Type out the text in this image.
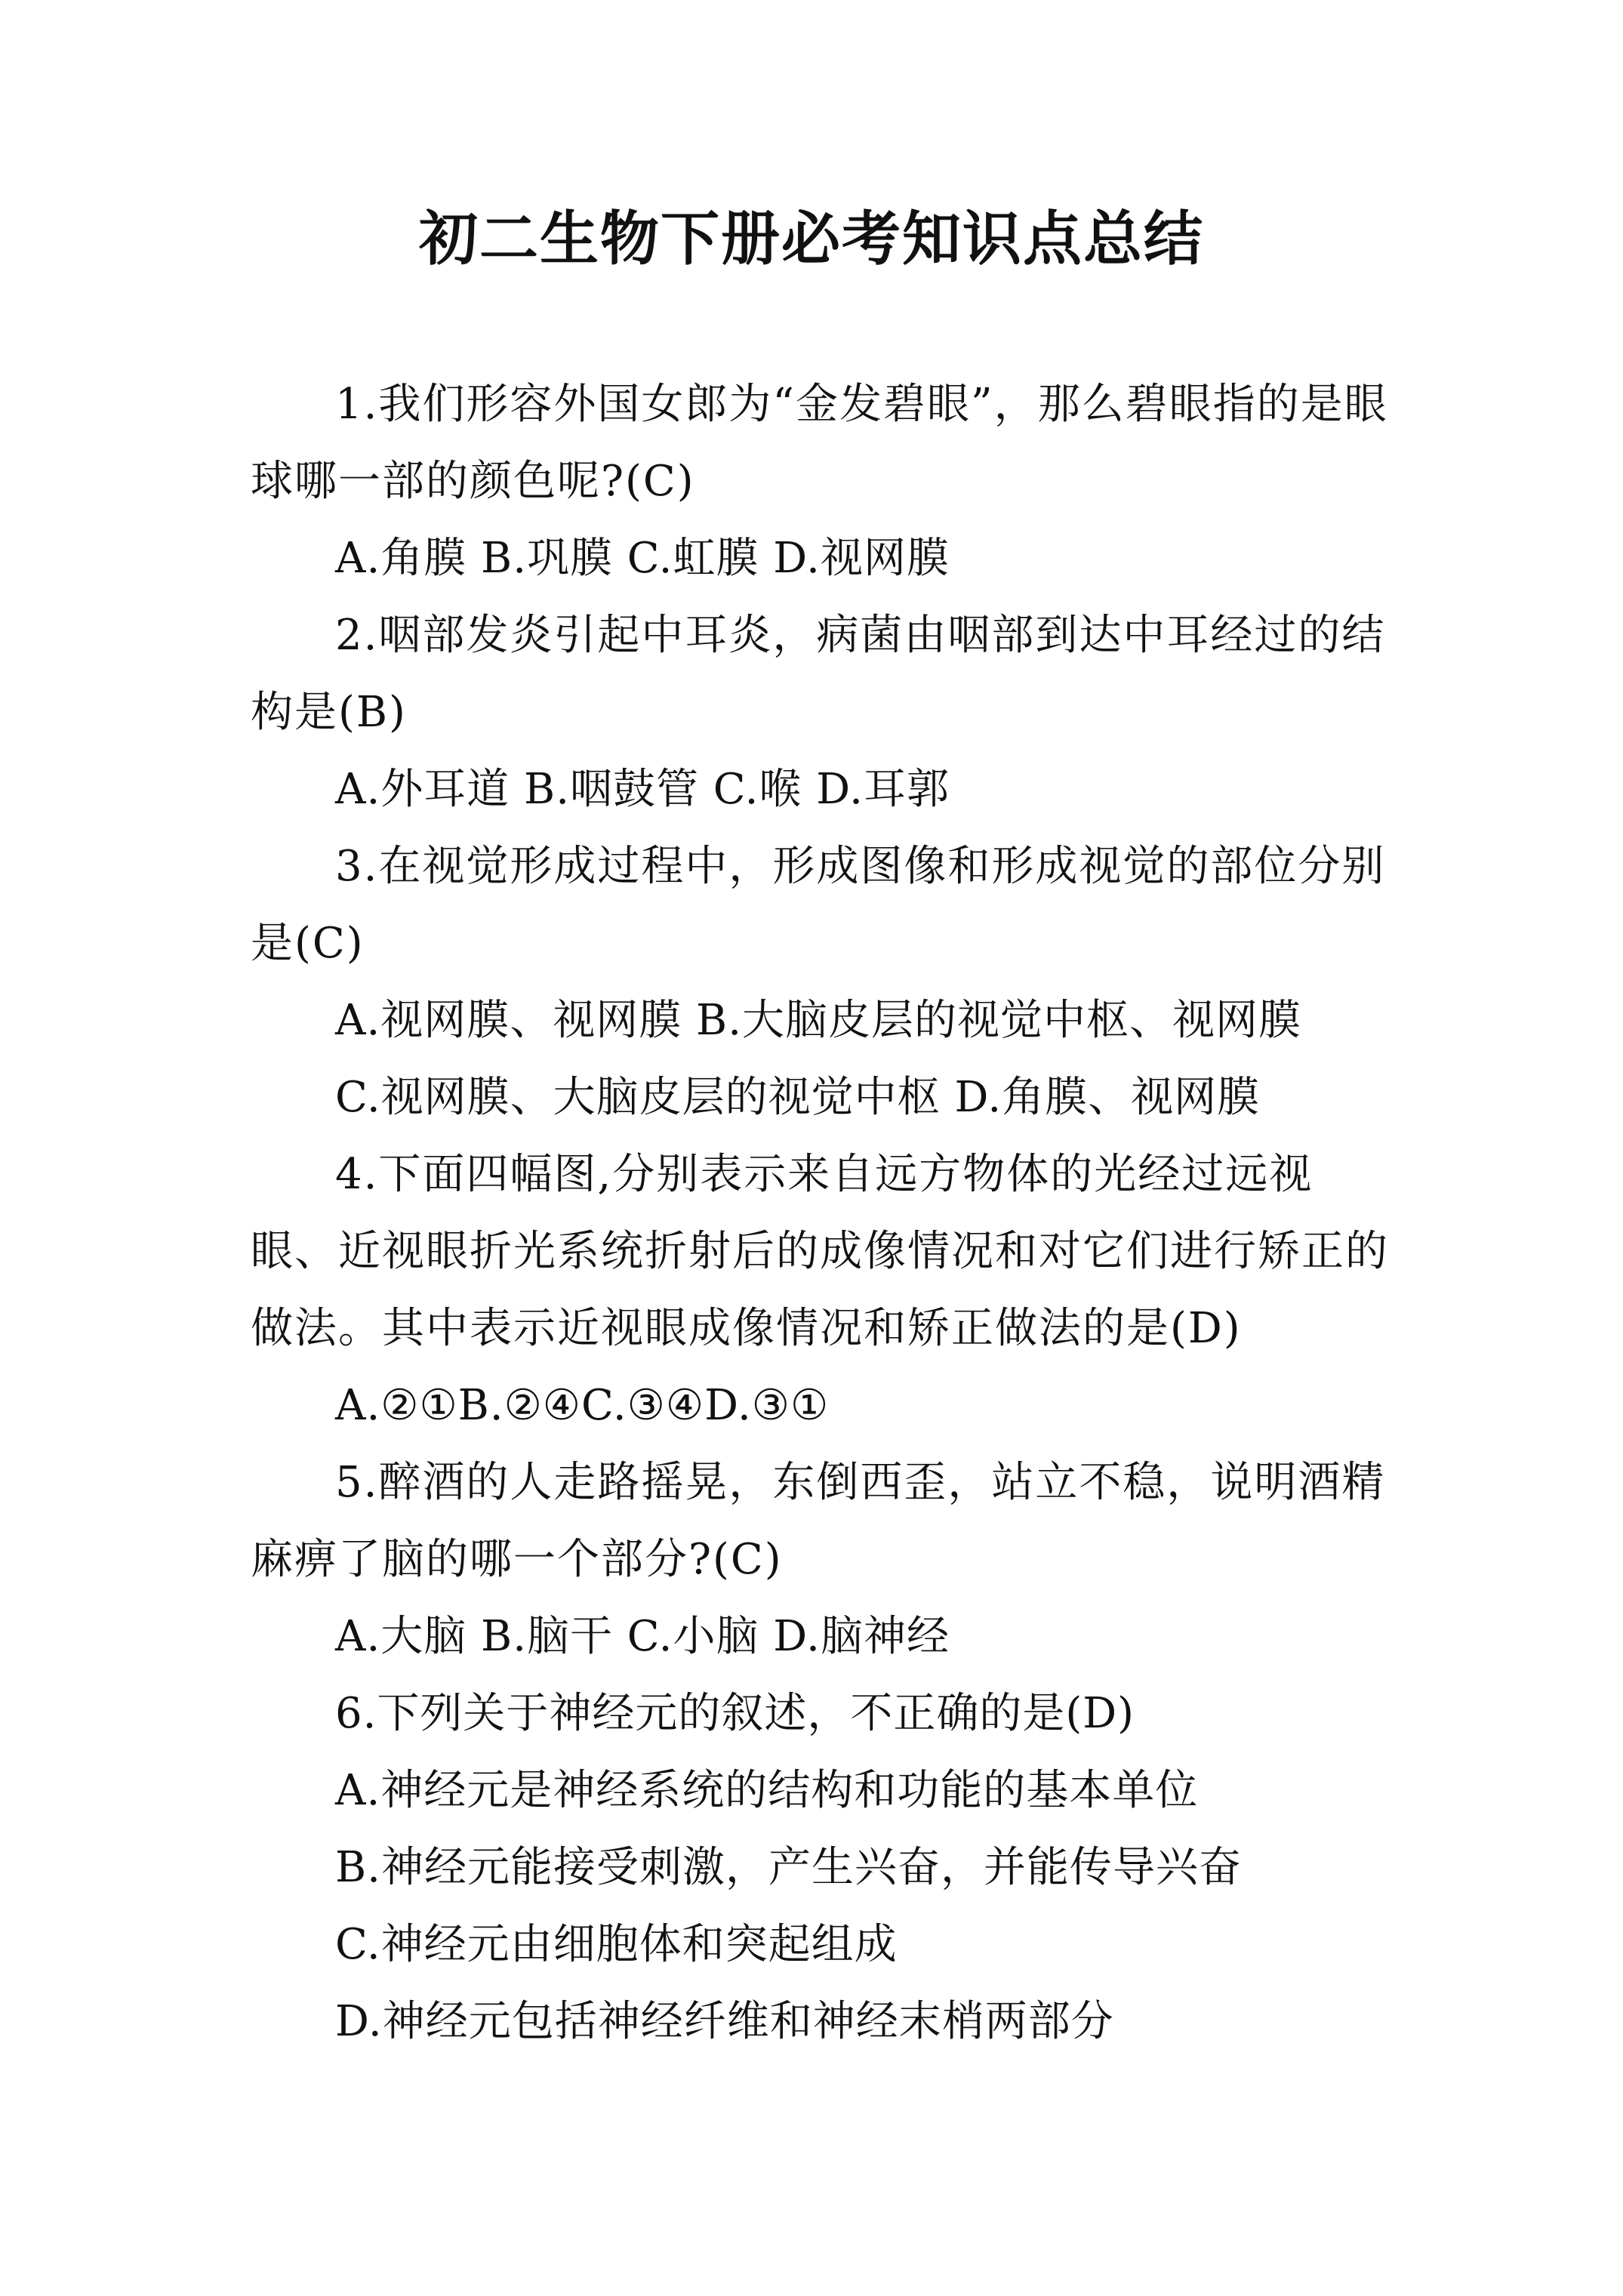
初二生物下册必考知识点总结

1.我们形容外国女郎为“金发碧眼”，那么碧眼指的是眼球哪一部的颜色呢?(C)

A.角膜 B.巩膜 C.虹膜 D.视网膜

2.咽部发炎引起中耳炎，病菌由咽部到达中耳经过的结构是(B)

A.外耳道 B.咽鼓管 C.喉 D.耳郭

3.在视觉形成过程中，形成图像和形成视觉的部位分别是(C)

A.视网膜、视网膜 B.大脑皮层的视觉中枢、视网膜

C.视网膜、大脑皮层的视觉中枢 D.角膜、视网膜

4.下面四幅图,分别表示来自远方物体的光经过远视眼、近视眼折光系统折射后的成像情况和对它们进行矫正的做法。其中表示近视眼成像情况和矫正做法的是(D)

A.②①B.②④C.③④D.③①

5.醉酒的人走路摇晃，东倒西歪，站立不稳，说明酒精麻痹了脑的哪一个部分?(C)

A.大脑 B.脑干 C.小脑 D.脑神经

6.下列关于神经元的叙述，不正确的是(D)

A.神经元是神经系统的结构和功能的基本单位

B.神经元能接受刺激，产生兴奋，并能传导兴奋

C.神经元由细胞体和突起组成

D.神经元包括神经纤维和神经末梢两部分
